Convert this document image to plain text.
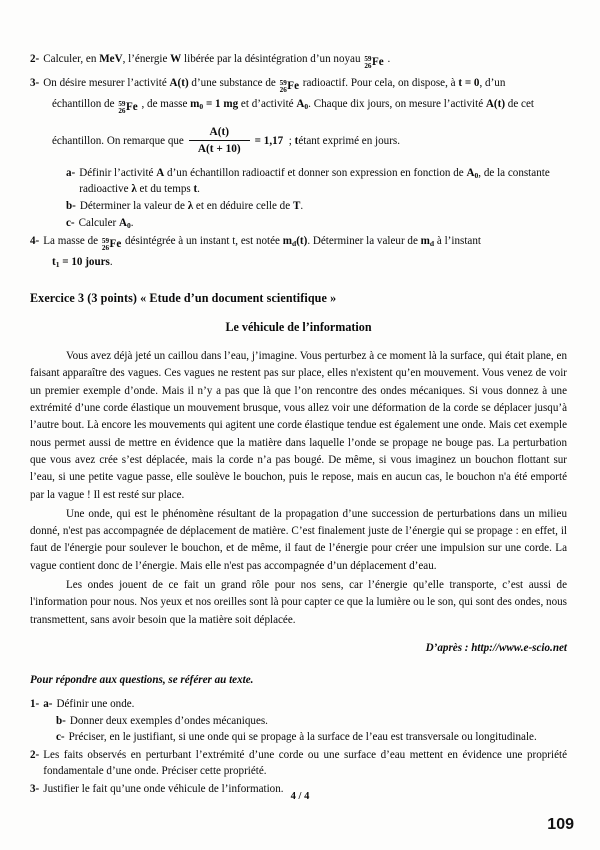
2- Calculer, en MeV, l’énergie W libérée par la désintégration d’un noyau 59
26 Fe .
3- On désire mesurer l’activité A(t) d’une substance de 59
26 Fe radioactif. Pour cela, on dispose, à t = 0, d’un
échantillon de 59
26 Fe , de masse $m_0 = 1$ mg et d’activité $A_0$. Chaque dix jours, on mesure l’activité A(t) de cet
échantillon. On remarque que $\frac{A(t)}{A(t + 10)}$ =
1,17
;
t étant exprimé en jours.
a- Définir l’activité A d’un échantillon radioactif et donner son expression en fonction de $A_0$, de la constante
radioactive λ et du temps t.
b- Déterminer la valeur de λ et en déduire celle de T.
c- Calculer $A_0$.
4- La masse de 59
26 Fe désintégrée à un instant t, est notée $m_d(t)$. Déterminer la valeur de $m_d$ à l’instant
$t_1 = 10$ jours.
Exercice 3 (3 points) « Etude d’un document scientifique »
Le véhicule de l’information

Vous avez déjà jeté un caillou dans l’eau, j’imagine. Vous perturbez à ce moment là la surface, qui était plane, en faisant apparaître des vagues. Ces vagues ne restent pas sur place, elles n'existent qu’en mouvement. Vous venez de voir un premier exemple d’onde. Mais il n’y a pas que là que l’on rencontre des ondes mécaniques. Si vous donnez à une extrémité d’une corde élastique un mouvement brusque, vous allez voir une déformation de la corde se déplacer jusqu’à l’autre bout. Là encore les mouvements qui agitent une corde élastique tendue est également une onde. Mais cet exemple nous permet aussi de mettre en évidence que la matière dans laquelle l’onde se propage ne bouge pas. La perturbation que vous avez crée s’est déplacée, mais la corde n’a pas bougé. De même, si vous imaginez un bouchon flottant sur l’eau, si une petite vague passe, elle soulève le bouchon, puis le repose, mais en aucun cas, le bouchon n'a été emporté par la vague ! Il est resté sur place.

Une onde, qui est le phénomène résultant de la propagation d’une succession de perturbations dans un milieu donné, n'est pas accompagnée de déplacement de matière. C’est finalement juste de l’énergie qui se propage : en effet, il faut de l'énergie pour soulever le bouchon, et de même, il faut de l’énergie pour créer une impulsion sur une corde. La vague contient donc de l’énergie. Mais elle n'est pas accompagnée d’un déplacement d’eau.

Les ondes jouent de ce fait un grand rôle pour nos sens, car l’énergie qu’elle transporte, c’est aussi de l'information pour nous. Nos yeux et nos oreilles sont là pour capter ce que la lumière ou le son, qui sont des ondes, nous transmettent, sans avoir besoin que la matière soit déplacée.

D’après : http://www.e-scio.net
Pour répondre aux questions, se référer au texte.
1- a- Définir une onde.
b- Donner deux exemples d’ondes mécaniques.
c- Préciser, en le justifiant, si une onde qui se propage à la surface de l’eau est transversale ou longitudinale.
2- Les faits observés en perturbant l’extrémité d’une corde ou une surface d’eau mettent en évidence une propriété fondamentale d’une onde. Préciser cette propriété.
3- Justifier le fait qu’une onde véhicule de l’information.
4 / 4
109
